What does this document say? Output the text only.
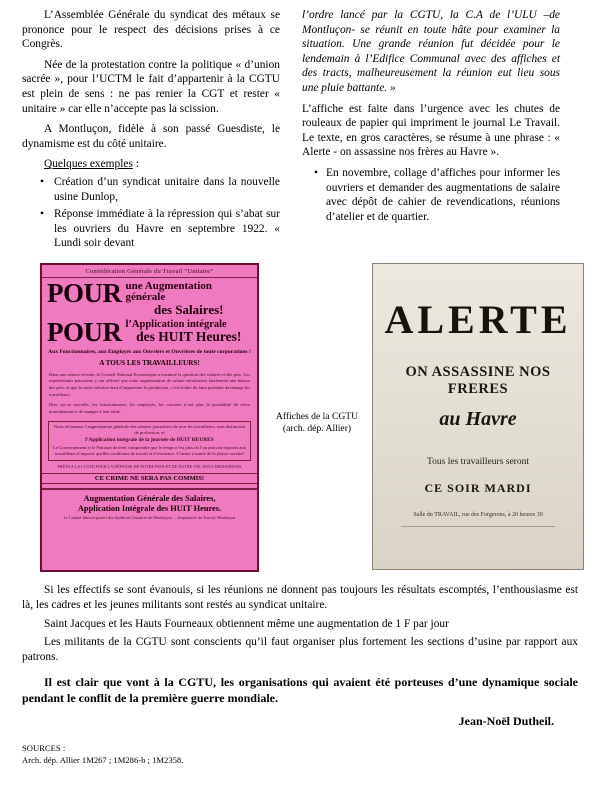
L’Assemblée Générale du syndicat des métaux se prononce pour le respect des décisions prises à ce Congrès.

Née de la protestation contre la politique « d’union sacrée », pour l’UCTM le fait d’appartenir à la CGTU est plein de sens : ne pas renier la CGT et rester « unitaire » car elle n’accepte pas la scission.

A Montluçon, fidèle à son passé Guesdiste, le dynamisme est du côté unitaire.

Quelques exemples :
• Création d’un syndicat unitaire dans la nouvelle usine Dunlop,
• Réponse immédiate à la répression qui s’abat sur les ouvriers du Havre en septembre 1922. « Lundi soir devant

l’ordre lancé par la CGTU, la C.A de l’ULU –de Montluçon- se réunit en toute hâte pour examiner la situation. Une grande réunion fut décidée pour le lendemain à l’Edifice Communal avec des affiches et des tracts, malheureusement la réunion eut lieu sous une pluie battante. »

L’affiche est faite dans l’urgence avec les chutes de rouleaux de papier qui impriment le journal Le Travail. Le texte, en gros caractères, se résume à une phrase : « Alerte - on assassine nos frères au Havre ».

• En novembre, collage d’affiches pour informer les ouvriers et demander des augmentations de salaire avec dépôt de cahier de revendications, réunions d’atelier et de quartier.
Confédération Générale du Travail “Unitaire”
POUR une Augmentation générale
des Salaires!
POUR l’Application intégrale
des HUIT Heures!
Aux Fonctionnaires, aux Employés aux Ouvriers et Ouvrières de toute corporations !
A TOUS LES TRAVAILLEURS!
Dans une séance récente, le Conseil National Economique a examiné la question des salaires et des prix. Les représentants patronaux y ont affirmé que toute augmentation de salaire entraînerait fatalement une hausse des prix, et que la seule solution était d’augmenter la production, c’est-à-dire de faire produire davantage les travailleurs.
Bien qu’on travaille, les fonctionnaires, les employés, les ouvriers n’ont plus la possibilité de vivre normalement et de manger à leur faim!
Nous réclamons l’augmentation générale des salaires journaliers de tous les travailleurs, sans distinction de profession, et
l’Application intégrale de la journée de HUIT HEURES
Le Gouvernement et le Patronat doivent comprendre que le temps n’est plus où l’on pouvait imposer aux travailleurs n’importe quelles conditions de travail et d’existence. L’heure a sonné de la justice sociale!
PRÊTS A LA LUTTE POUR LA DÉFENSE DE NOTRE PAIN ET DE NOTRE VIE, NOUS DEMANDONS
CE CRIME NE SERA PAS COMMIS!
Augmentation Générale des Salaires,
Application Intégrale des HUIT Heures.
Le Comité Intercorporatif des Syndicats Unitaires de Montluçon — Imprimerie du Travail, Montluçon
Affiches de la CGTU
(arch. dép. Allier)
ALERTE
ON ASSASSINE NOS FRERES
au Havre
Tous les travailleurs seront
CE SOIR MARDI
Salle du TRAVAIL, rue des Forgerons, à 20 heures 30

Si les effectifs se sont évanouis, si les réunions ne donnent pas toujours les résultats escomptés, l’enthousiasme est là, les cadres et les jeunes militants sont restés au syndicat unitaire.

Saint Jacques et les Hauts Fourneaux obtiennent même une augmentation de 1 F par jour

Les militants de la CGTU sont conscients qu’il faut organiser plus fortement les sections d’usine par rapport aux patrons.

Il est clair que vont à la CGTU, les organisations qui avaient été porteuses d’une dynamique sociale pendant le conflit de la première guerre mondiale.
Jean-Noël Dutheil.
SOURCES :
Arch. dép. Allier 1M267 ; 1M286-b ; 1M2358.
